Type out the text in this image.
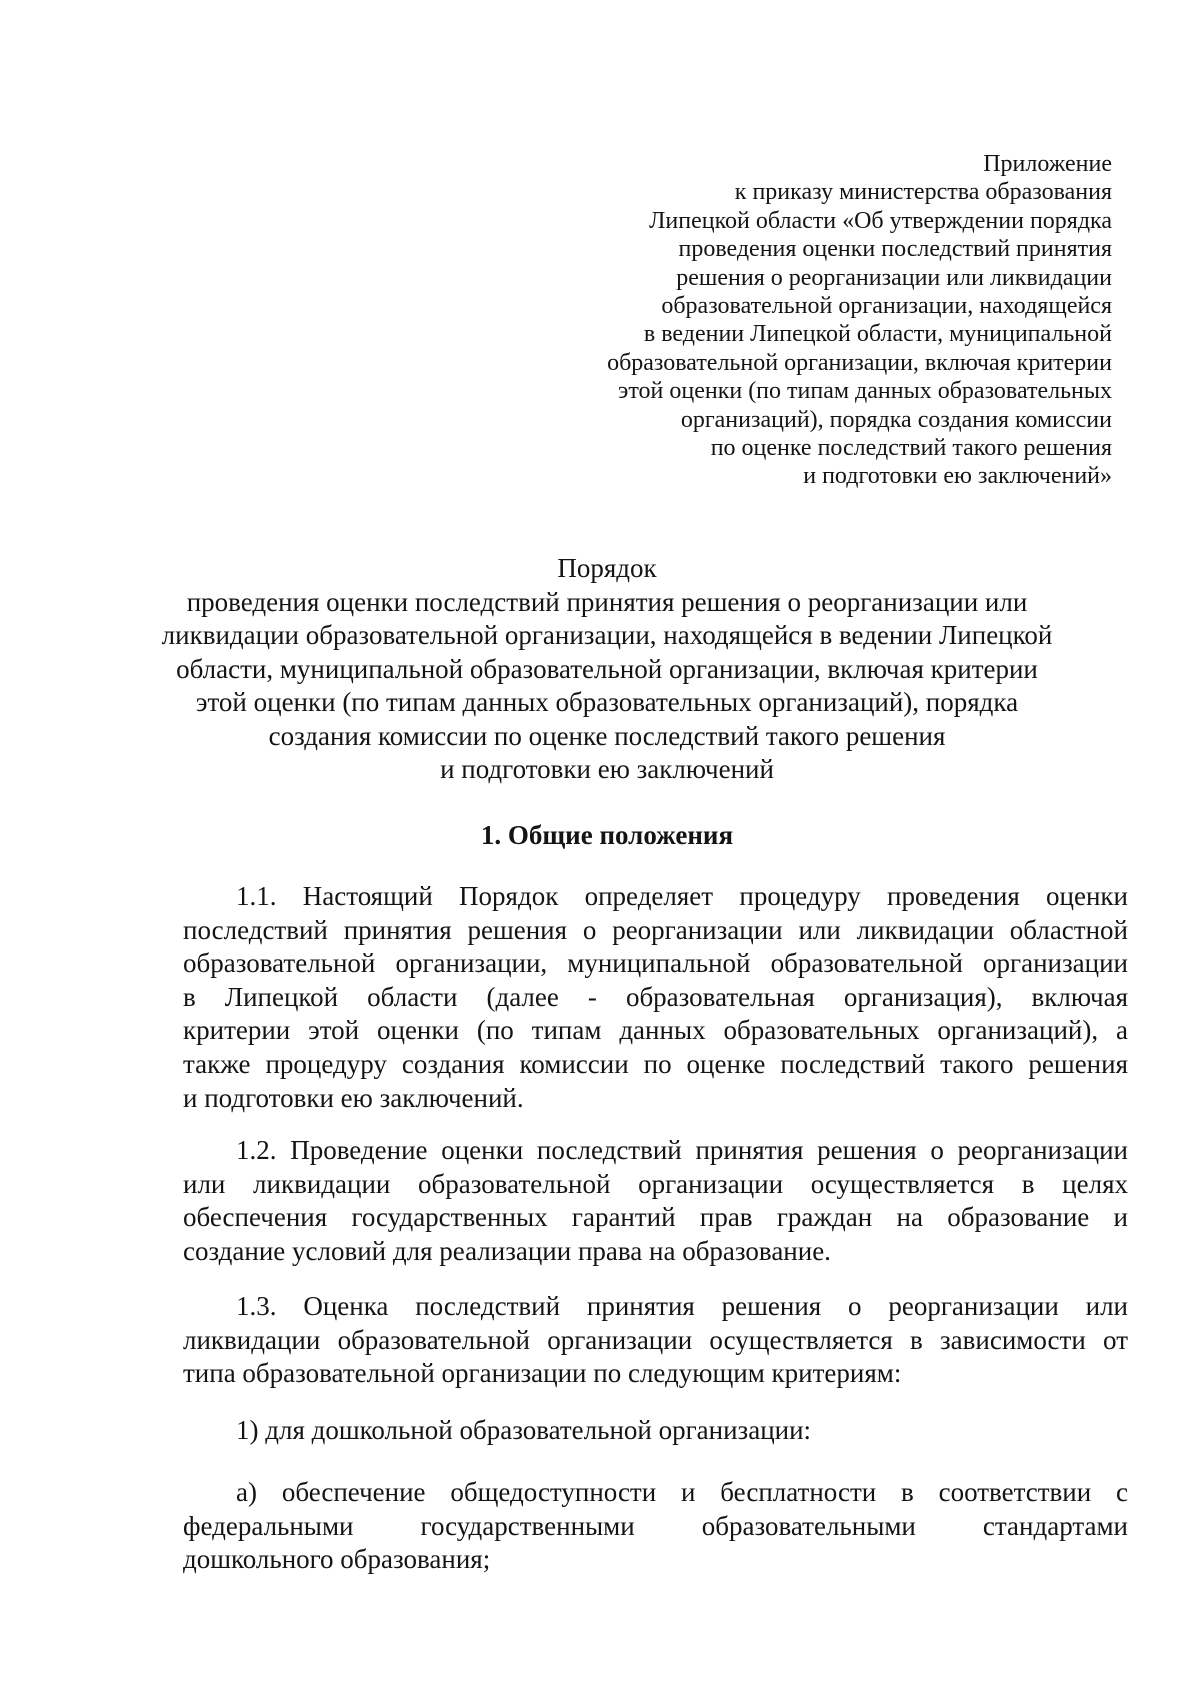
Приложение
к приказу министерства образования
Липецкой области «Об утверждении порядка
проведения оценки последствий принятия
решения о реорганизации или ликвидации
образовательной организации, находящейся
в ведении Липецкой области, муниципальной
образовательной организации, включая критерии
этой оценки (по типам данных образовательных
организаций), порядка создания комиссии
по оценке последствий такого решения
и подготовки ею заключений»
Порядок
проведения оценки последствий принятия решения о реорганизации или
ликвидации образовательной организации, находящейся в ведении Липецкой
области, муниципальной образовательной организации, включая критерии
этой оценки (по типам данных образовательных организаций), порядка
создания комиссии по оценке последствий такого решения
и подготовки ею заключений
1. Общие положения
1.1. Настоящий Порядок определяет процедуру проведения оценки
последствий принятия решения о реорганизации или ликвидации областной
образовательной организации, муниципальной образовательной организации
в Липецкой области (далее - образовательная организация), включая
критерии этой оценки (по типам данных образовательных организаций), а
также процедуру создания комиссии по оценке последствий такого решения
и подготовки ею заключений.
1.2. Проведение оценки последствий принятия решения о реорганизации
или ликвидации образовательной организации осуществляется в целях
обеспечения государственных гарантий прав граждан на образование и
создание условий для реализации права на образование.
1.3. Оценка последствий принятия решения о реорганизации или
ликвидации образовательной организации осуществляется в зависимости от
типа образовательной организации по следующим критериям:
1) для дошкольной образовательной организации:
а) обеспечение общедоступности и бесплатности в соответствии с
федеральными государственными образовательными стандартами
дошкольного образования;
